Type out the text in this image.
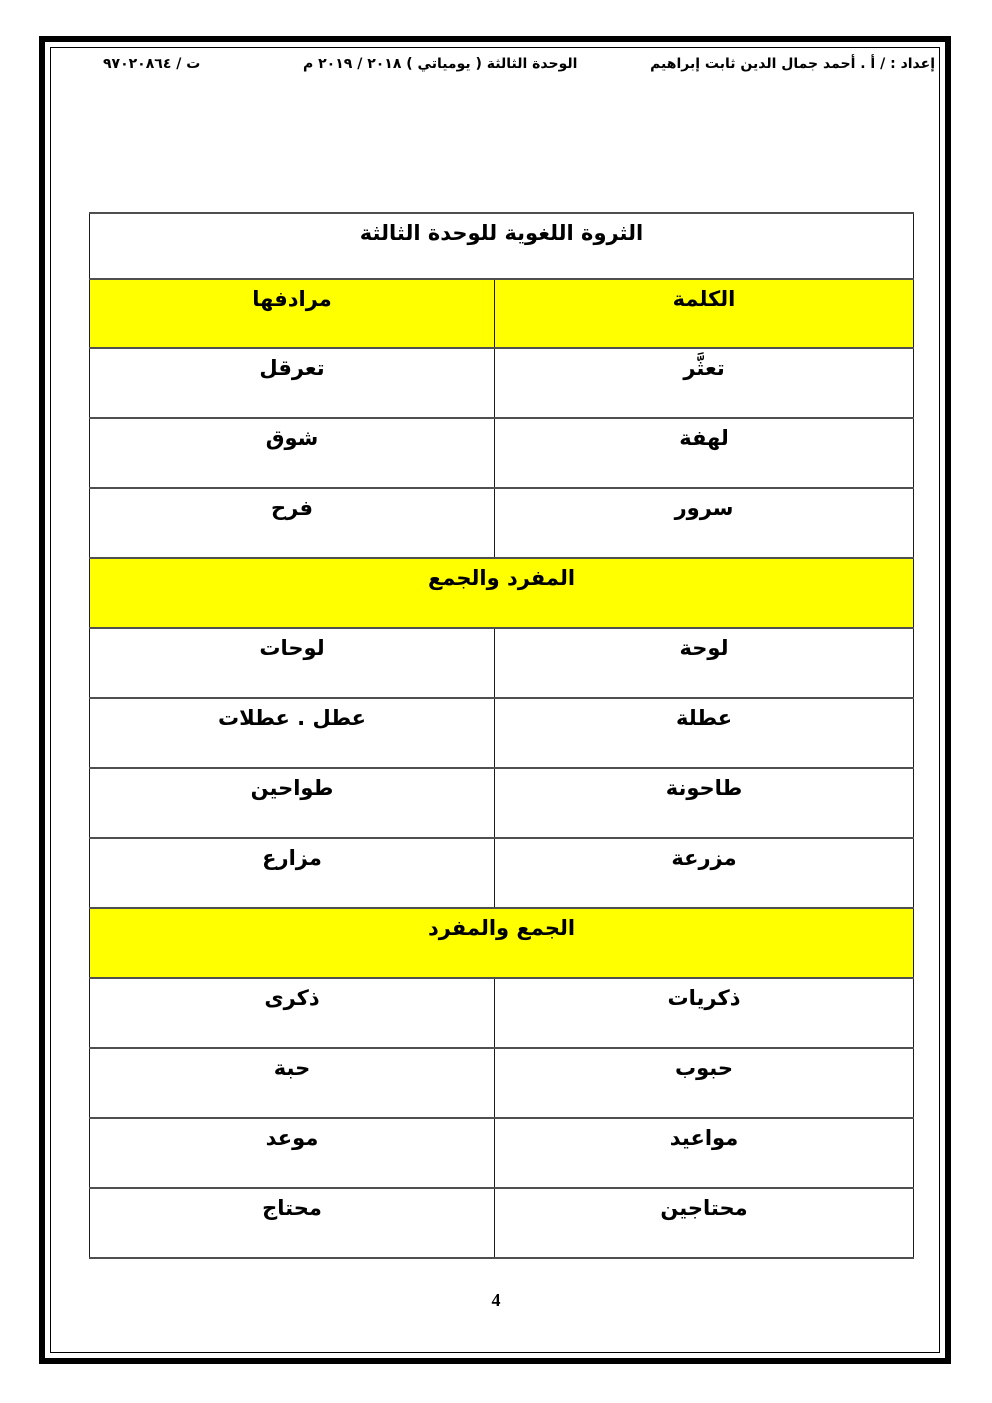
إعداد : / أ . أحمد جمال الدين ثابت إبراهيم
الوحدة الثالثة ( يومياتي ) ٢٠١٨ / ٢٠١٩ م
ت / ٩٧٠٢٠٨٦٤
الثروة اللغوية للوحدة الثالثة	
الكلمة	مرادفها
تعثَّر	تعرقل
لهفة	شوق
سرور	فرح
المفرد والجمع	
لوحة	لوحات
عطلة	عطل . عطلات
طاحونة	طواحين
مزرعة	مزارع
الجمع والمفرد	
ذكريات	ذكرى
حبوب	حبة
مواعيد	موعد
محتاجين	محتاج
4
